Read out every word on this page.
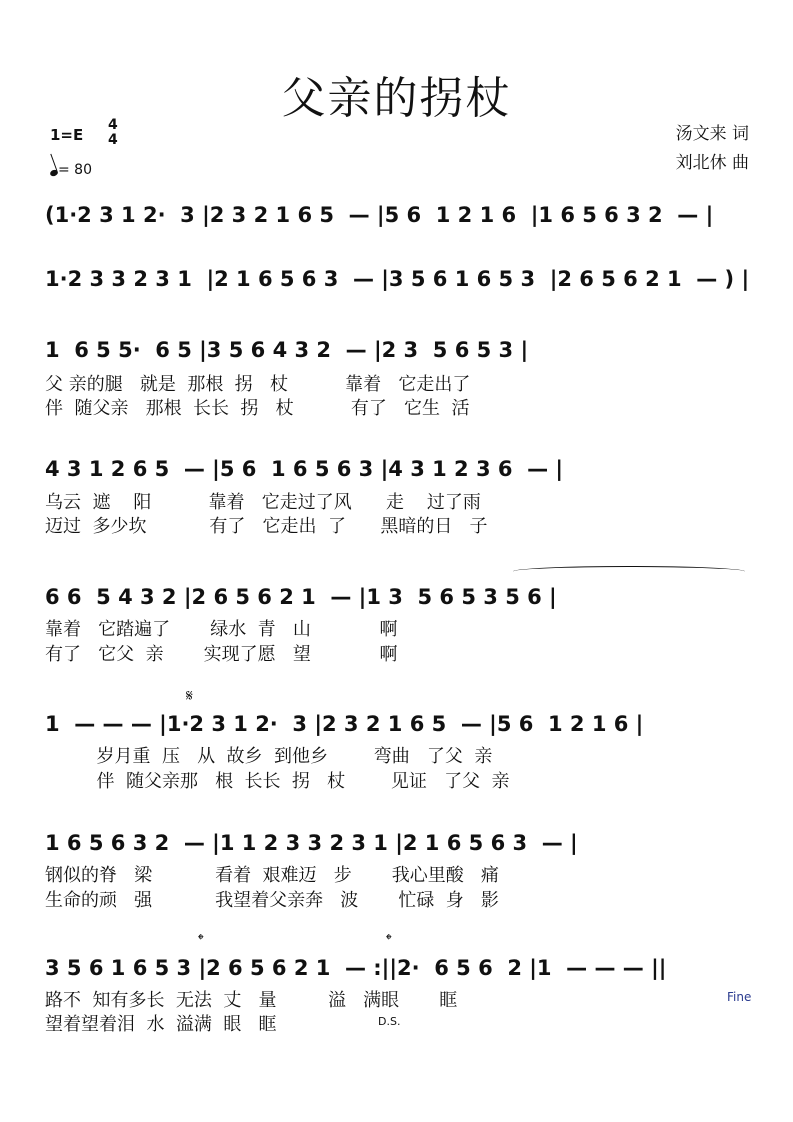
父亲的拐杖
1=E
4
4
= 80
汤文来 词
刘北休 曲
(1·2 3 1 2·  3 |2 3 2 1 6 5  — |5 6  1 2 1 6  |1 6 5 6 3 2  — |
1·2 3 3 2 3 1  |2 1 6 5 6 3  — |3 5 6 1 6 5 3  |2 6 5 6 2 1  — ) |
1  6 5 5·  6 5 |3 5 6 4 3 2  — |2 3  5 6 5 3 |
父 亲的腿   就是  那根  拐   杖          靠着   它走出了
伴  随父亲   那根  长长  拐   杖          有了   它生  活
4 3 1 2 6 5  — |5 6  1 6 5 6 3 |4 3 1 2 3 6  — |
乌云  遮    阳          靠着   它走过了风      走    过了雨
迈过  多少坎           有了   它走出  了      黑暗的日   子
6 6  5 4 3 2 |2 6 5 6 2 1  — |1 3  5 6 5 3 5 6 |
靠着   它踏遍了       绿水  青   山            啊
有了   它父  亲       实现了愿   望            啊
𝄋
1  — — — |1·2 3 1 2·  3 |2 3 2 1 6 5  — |5 6  1 2 1 6 |
岁月重  压   从  故乡  到他乡        弯曲   了父  亲
伴  随父亲那   根  长长  拐   杖        见证   了父  亲
1 6 5 6 3 2  — |1 1 2 3 3 2 3 1 |2 1 6 5 6 3  — |
钢似的脊   梁           看着  艰难迈   步       我心里酸   痛
生命的顽   强           我望着父亲奔   波       忙碌  身   影
𝄌	𝄌
3 5 6 1 6 5 3 |2 6 5 6 2 1  — :||2·  6 5 6  2 |1  — — — ||
路不  知有多长  无法  丈   量         溢   满眼       眶
望着望着泪  水  溢满  眼   眶	D.S.
Fine
